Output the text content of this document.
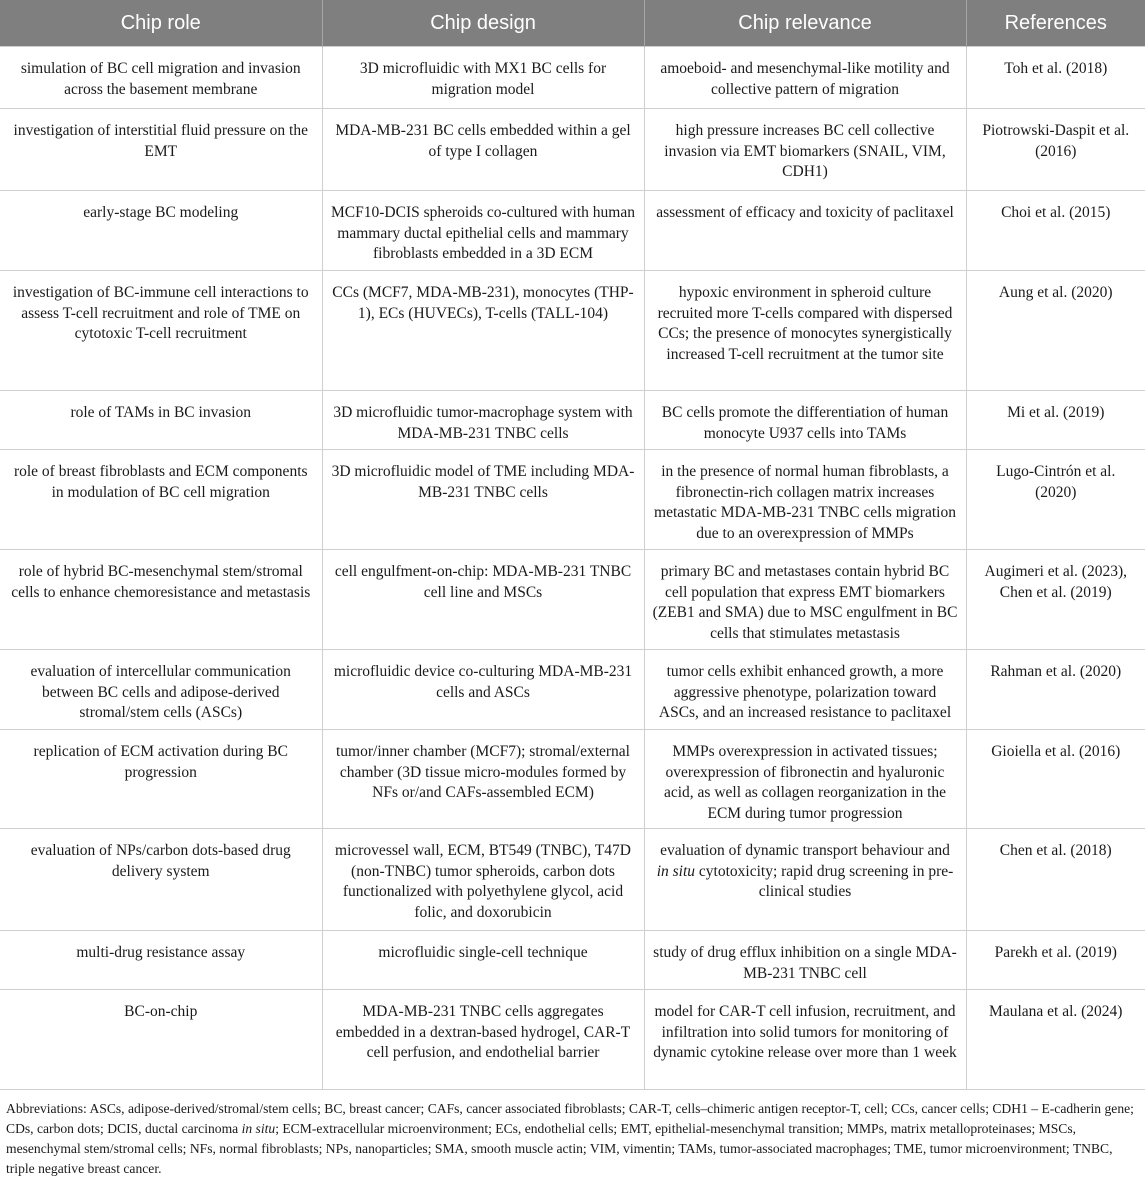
Chip role	Chip design	Chip relevance	References
simulation of BC cell migration and invasion across the basement membrane	3D microfluidic with MX1 BC cells for migration model	amoeboid- and mesenchymal-like motility and collective pattern of migration	Toh et al. (2018)
investigation of interstitial fluid pressure on the EMT	MDA-MB-231 BC cells embedded within a gel of type I collagen	high pressure increases BC cell collective invasion via EMT biomarkers (SNAIL, VIM, CDH1)	Piotrowski-Daspit et al. (2016)
early-stage BC modeling	MCF10-DCIS spheroids co-cultured with human mammary ductal epithelial cells and mammary fibroblasts embedded in a 3D ECM	assessment of efficacy and toxicity of paclitaxel	Choi et al. (2015)
investigation of BC-immune cell interactions to assess T-cell recruitment and role of TME on cytotoxic T-cell recruitment	CCs (MCF7, MDA-MB-231), monocytes (THP-1), ECs (HUVECs), T-cells (TALL-104)	hypoxic environment in spheroid culture recruited more T-cells compared with dispersed CCs; the presence of monocytes synergistically increased T-cell recruitment at the tumor site	Aung et al. (2020)
role of TAMs in BC invasion	3D microfluidic tumor-macrophage system with MDA-MB-231 TNBC cells	BC cells promote the differentiation of human monocyte U937 cells into TAMs	Mi et al. (2019)
role of breast fibroblasts and ECM components in modulation of BC cell migration	3D microfluidic model of TME including MDA-MB-231 TNBC cells	in the presence of normal human fibroblasts, a fibronectin-rich collagen matrix increases metastatic MDA-MB-231 TNBC cells migration due to an overexpression of MMPs	Lugo-Cintrón et al. (2020)
role of hybrid BC-mesenchymal stem/stromal cells to enhance chemoresistance and metastasis	cell engulfment-on-chip: MDA-MB-231 TNBC cell line and MSCs	primary BC and metastases contain hybrid BC cell population that express EMT biomarkers (ZEB1 and SMA) due to MSC engulfment in BC cells that stimulates metastasis	Augimeri et al. (2023), Chen et al. (2019)
evaluation of intercellular communication between BC cells and adipose-derived stromal/stem cells (ASCs)	microfluidic device co-culturing MDA-MB-231 cells and ASCs	tumor cells exhibit enhanced growth, a more aggressive phenotype, polarization toward ASCs, and an increased resistance to paclitaxel	Rahman et al. (2020)
replication of ECM activation during BC progression	tumor/inner chamber (MCF7); stromal/external chamber (3D tissue micro-modules formed by NFs or/and CAFs-assembled ECM)	MMPs overexpression in activated tissues; overexpression of fibronectin and hyaluronic acid, as well as collagen reorganization in the ECM during tumor progression	Gioiella et al. (2016)
evaluation of NPs/carbon dots-based drug delivery system	microvessel wall, ECM, BT549 (TNBC), T47D (non-TNBC) tumor spheroids, carbon dots functionalized with polyethylene glycol, acid folic, and doxorubicin	evaluation of dynamic transport behaviour and in situ cytotoxicity; rapid drug screening in pre-clinical studies	Chen et al. (2018)
multi-drug resistance assay	microfluidic single-cell technique	study of drug efflux inhibition on a single MDA-MB-231 TNBC cell	Parekh et al. (2019)
BC-on-chip	MDA-MB-231 TNBC cells aggregates embedded in a dextran-based hydrogel, CAR-T cell perfusion, and endothelial barrier	model for CAR-T cell infusion, recruitment, and infiltration into solid tumors for monitoring of dynamic cytokine release over more than 1 week	Maulana et al. (2024)
Abbreviations: ASCs, adipose-derived/stromal/stem cells; BC, breast cancer; CAFs, cancer associated fibroblasts; CAR-T, cells–chimeric antigen receptor-T, cell; CCs, cancer cells; CDH1 – E-cadherin gene; CDs, carbon dots; DCIS, ductal carcinoma in situ; ECM-extracellular microenvironment; ECs, endothelial cells; EMT, epithelial-mesenchymal transition; MMPs, matrix metalloproteinases; MSCs, mesenchymal stem/stromal cells; NFs, normal fibroblasts; NPs, nanoparticles; SMA, smooth muscle actin; VIM, vimentin; TAMs, tumor-associated macrophages; TME, tumor microenvironment; TNBC, triple negative breast cancer.
